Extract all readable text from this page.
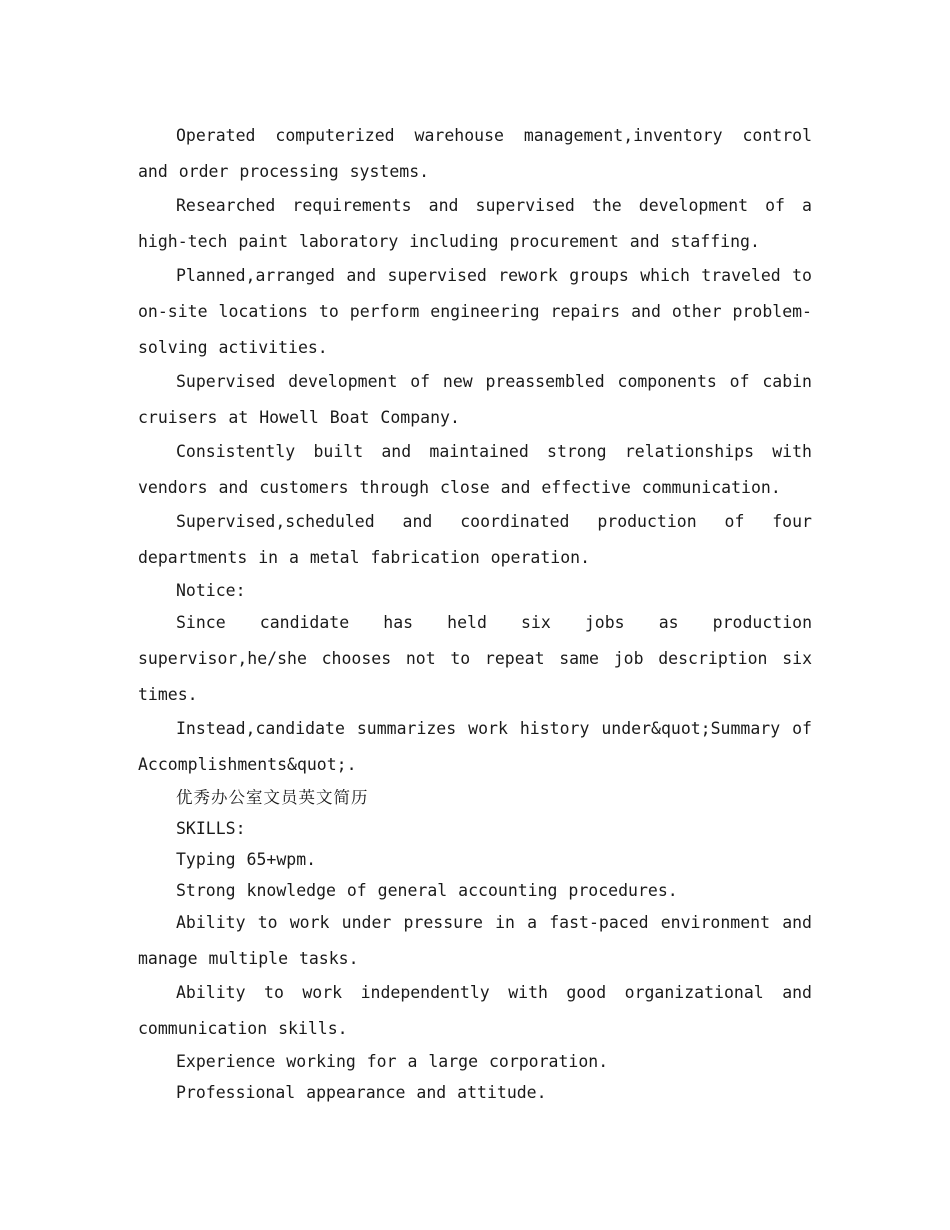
Operated computerized warehouse management,inventory control and order processing systems.

Researched requirements and supervised the development of a high-tech paint laboratory including procurement and staffing.

Planned,arranged and supervised rework groups which traveled to on-site locations to perform engineering repairs and other problem-solving activities.

Supervised development of new preassembled components of cabin cruisers at Howell Boat Company.

Consistently built and maintained strong relationships with vendors and customers through close and effective communication.

Supervised,scheduled and coordinated production of four departments in a metal fabrication operation.

Notice:

Since candidate has held six jobs as production supervisor,he/she chooses not to repeat same job description six times.

Instead,candidate summarizes work history under&quot;Summary of Accomplishments&quot;.

优秀办公室文员英文简历

SKILLS:

Typing 65+wpm.

Strong knowledge of general accounting procedures.

Ability to work under pressure in a fast-paced environment and manage multiple tasks.

Ability to work independently with good organizational and communication skills.

Experience working for a large corporation.

Professional appearance and attitude.
